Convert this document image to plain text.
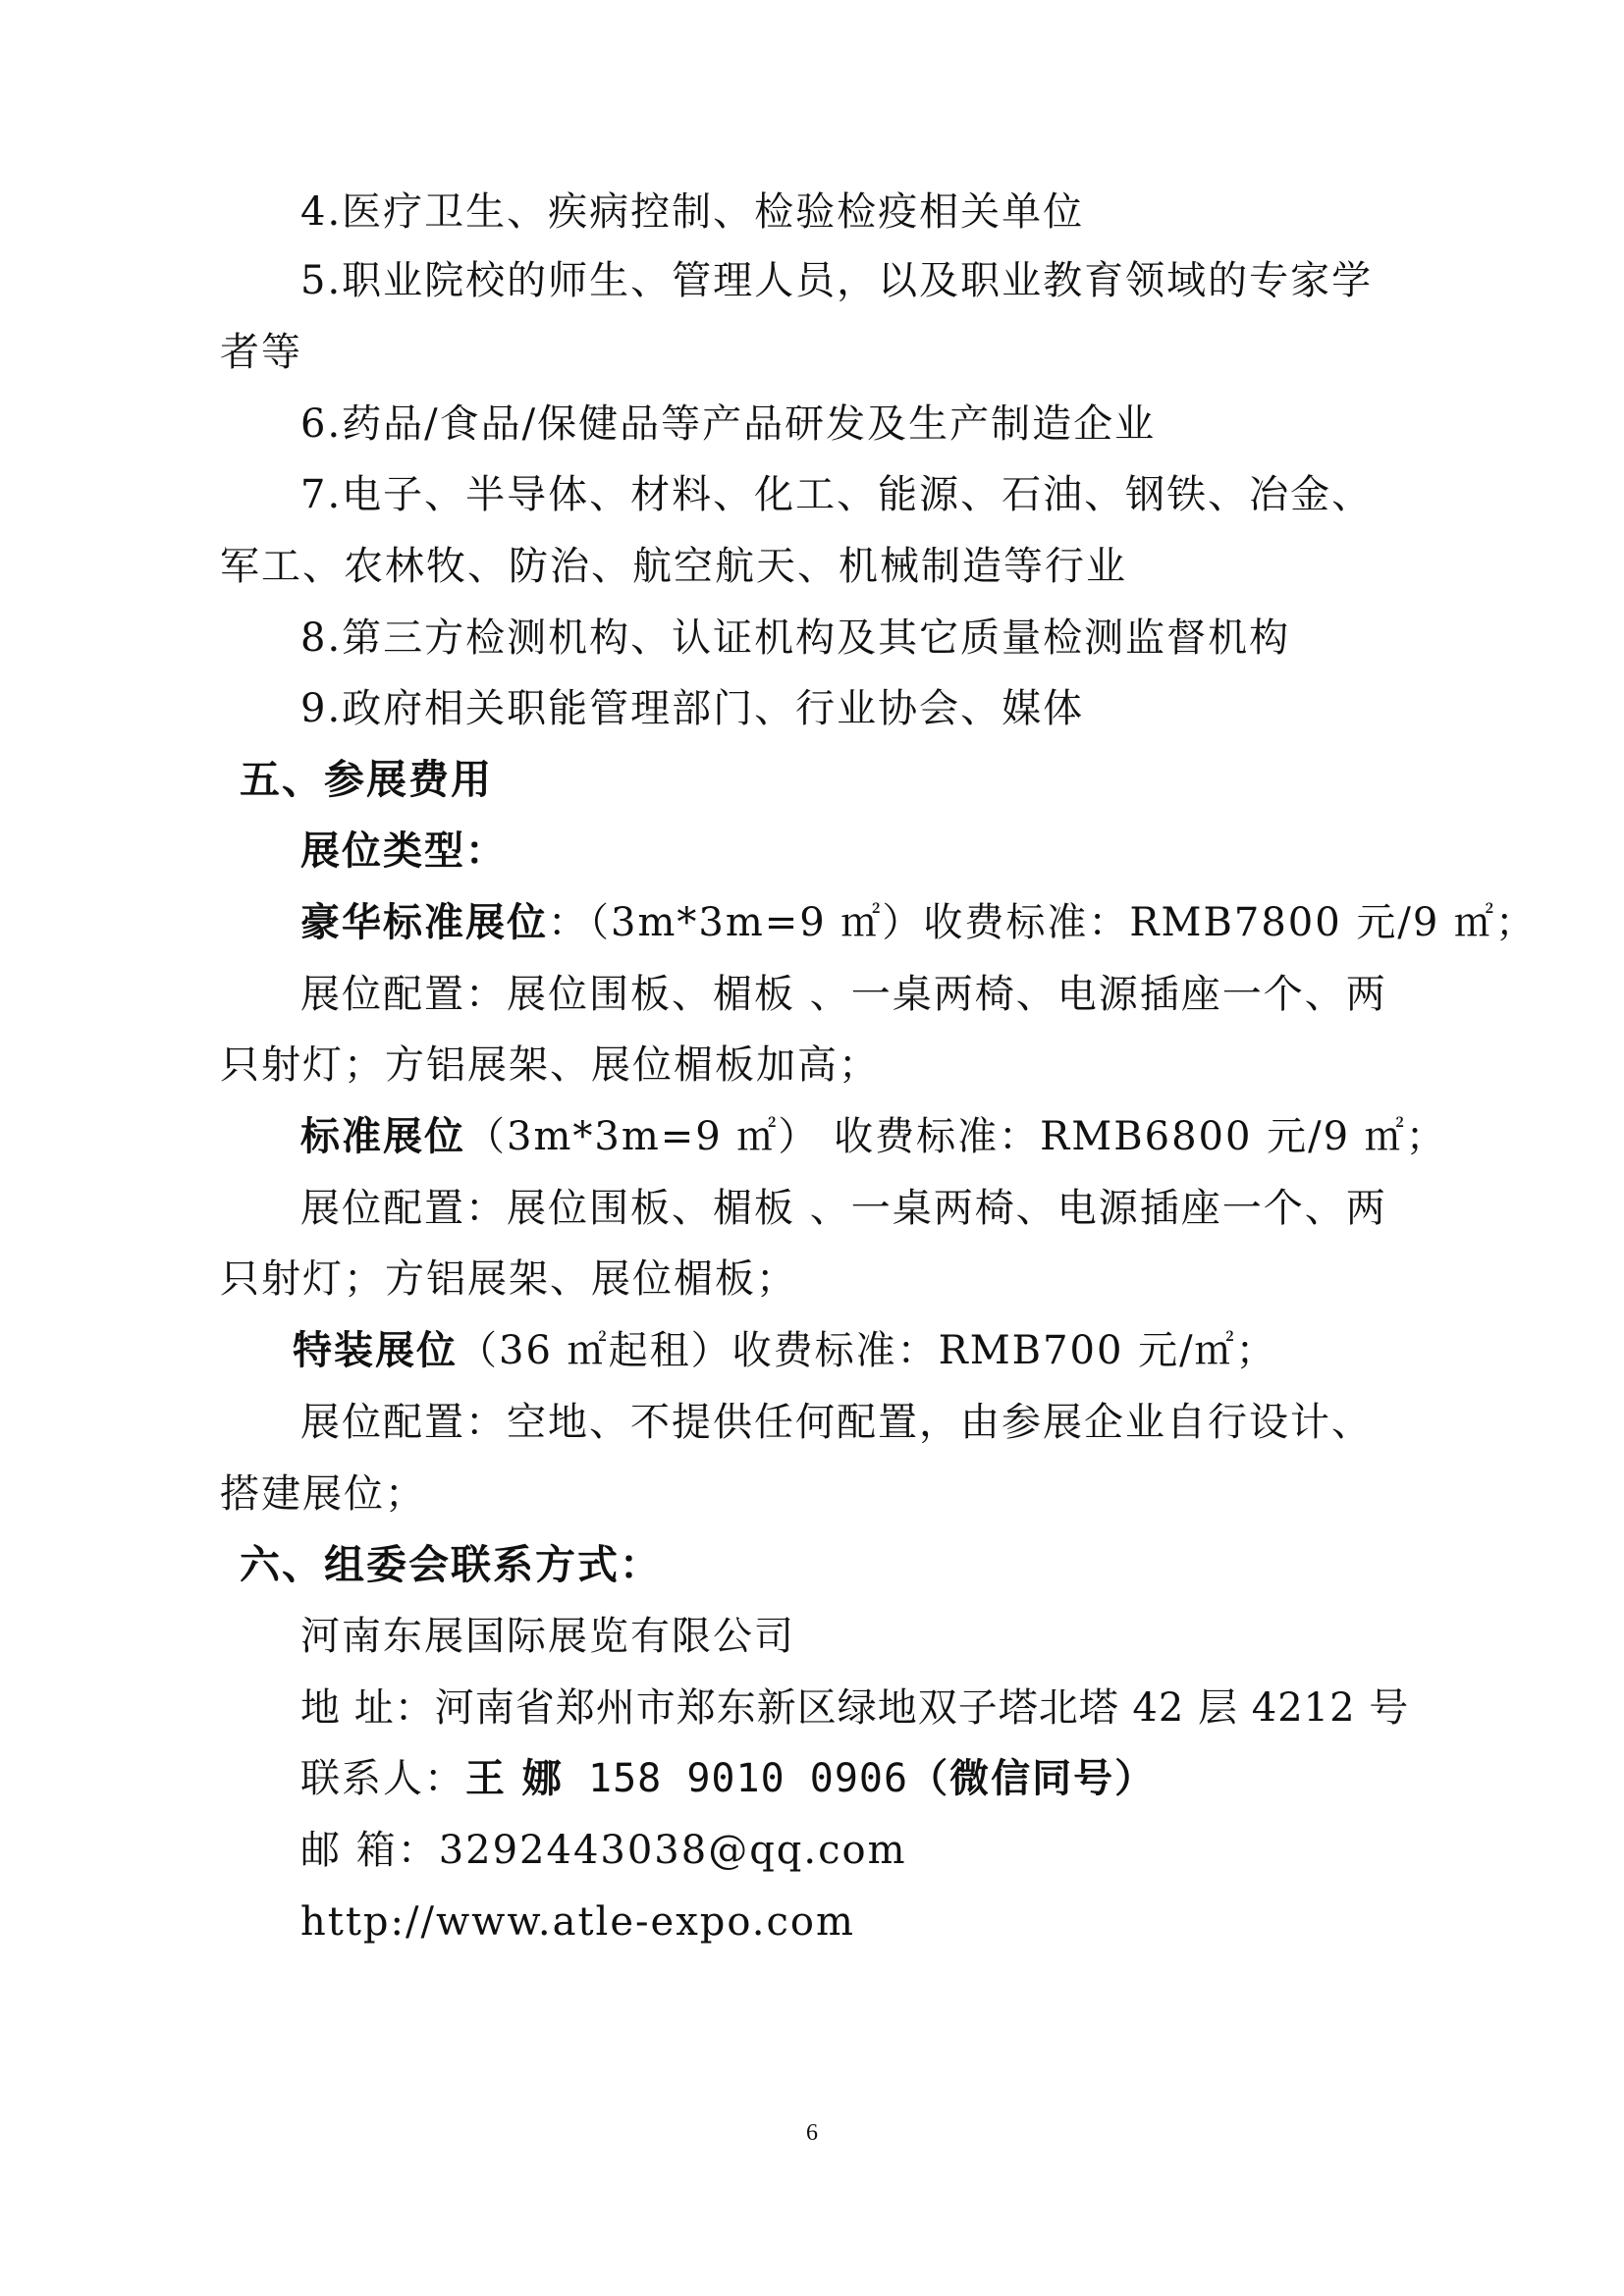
4.医疗卫生、疾病控制、检验检疫相关单位
5.职业院校的师生、管理人员，以及职业教育领域的专家学
者等
6.药品/食品/保健品等产品研发及生产制造企业
7.电子、半导体、材料、化工、能源、石油、钢铁、冶金、
军工、农林牧、防治、航空航天、机械制造等行业
8.第三方检测机构、认证机构及其它质量检测监督机构
9.政府相关职能管理部门、行业协会、媒体
五、参展费用
展位类型：
豪华标准展位：（3m*3m=9 ㎡）收费标准：RMB7800 元/9 ㎡；
展位配置：展位围板、楣板 、一桌两椅、电源插座一个、两
只射灯；方铝展架、展位楣板加高；
标准展位（3m*3m=9 ㎡） 收费标准：RMB6800 元/9 ㎡；
展位配置：展位围板、楣板 、一桌两椅、电源插座一个、两
只射灯；方铝展架、展位楣板；
特装展位（36 ㎡起租）收费标准：RMB700 元/㎡；
展位配置：空地、不提供任何配置，由参展企业自行设计、
搭建展位；
六、组委会联系方式：
河南东展国际展览有限公司
地 址：河南省郑州市郑东新区绿地双子塔北塔 42 层 4212 号
联系人：王 娜 158 9010 0906（微信同号）
邮 箱：3292443038@qq.com
http://www.atle-expo.com
6
